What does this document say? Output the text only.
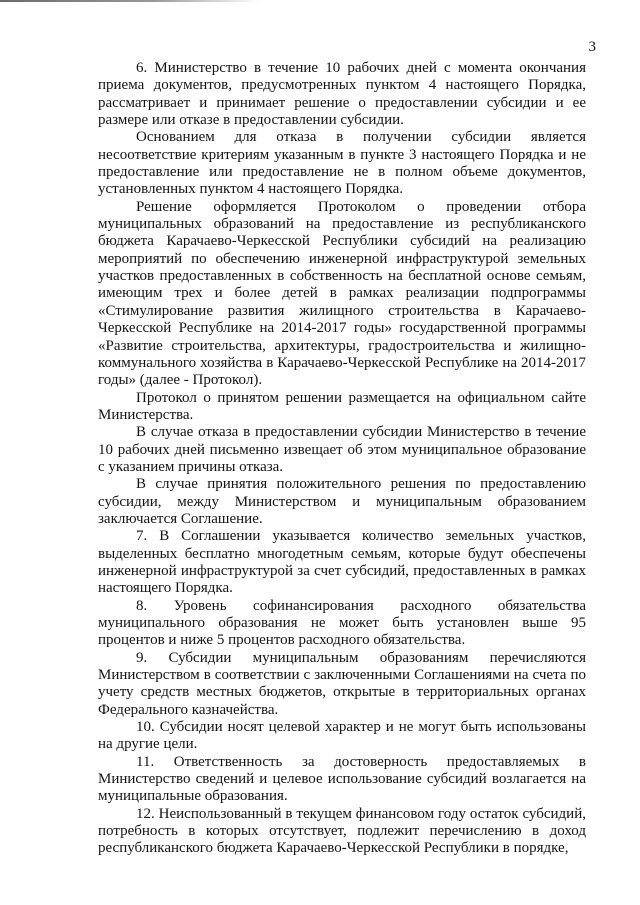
3

6. Министерство в течение 10 рабочих дней с момента окончания приема документов, предусмотренных пунктом 4 настоящего Порядка, рассматривает и принимает решение о предоставлении субсидии и ее размере или отказе в предоставлении субсидии.

Основанием для отказа в получении субсидии является несоответствие критериям указанным в пункте 3 настоящего Порядка и не предоставление или предоставление не в полном объеме документов, установленных пунктом 4 настоящего Порядка.

Решение оформляется Протоколом о проведении отбора муниципальных образований на предоставление из республиканского бюджета Карачаево-Черкесской Республики субсидий на реализацию мероприятий по обеспечению инженерной инфраструктурой земельных участков предоставленных в собственность на бесплатной основе семьям, имеющим трех и более детей в рамках реализации подпрограммы «Стимулирование развития жилищного строительства в Карачаево-Черкесской Республике на 2014-2017 годы» государственной программы «Развитие строительства, архитектуры, градостроительства и жилищно-коммунального хозяйства в Карачаево-Черкесской Республике на 2014-2017 годы» (далее - Протокол).

Протокол о принятом решении размещается на официальном сайте Министерства.

В случае отказа в предоставлении субсидии Министерство в течение 10 рабочих дней письменно извещает об этом муниципальное образование с указанием причины отказа.

В случае принятия положительного решения по предоставлению субсидии, между Министерством и муниципальным образованием заключается Соглашение.

7. В Соглашении указывается количество земельных участков, выделенных бесплатно многодетным семьям, которые будут обеспечены инженерной инфраструктурой за счет субсидий, предоставленных в рамках настоящего Порядка.

8. Уровень софинансирования расходного обязательства муниципального образования не может быть установлен выше 95 процентов и ниже 5 процентов расходного обязательства.

9. Субсидии муниципальным образованиям перечисляются Министерством в соответствии с заключенными Соглашениями на счета по учету средств местных бюджетов, открытые в территориальных органах Федерального казначейства.

10. Субсидии носят целевой характер и не могут быть использованы на другие цели.

11. Ответственность за достоверность предоставляемых в Министерство сведений и целевое использование субсидий возлагается на муниципальные образования.

12. Неиспользованный в текущем финансовом году остаток субсидий, потребность в которых отсутствует, подлежит перечислению в доход республиканского бюджета Карачаево-Черкесской Республики в порядке,
